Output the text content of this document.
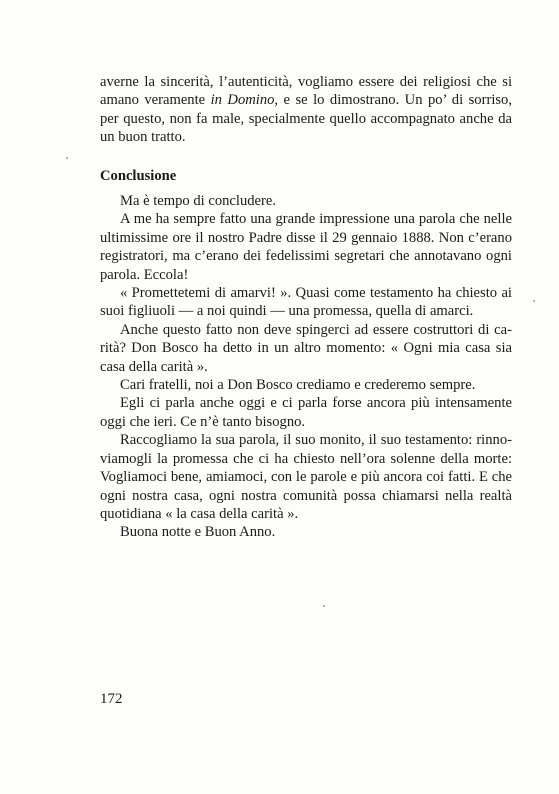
averne la sincerità, l’autenticità, vogliamo essere dei religiosi che si amano veramente in Domino, e se lo dimostrano. Un po’ di sorriso, per questo, non fa male, specialmente quello accompagnato anche da un buon tratto.

Conclusione

Ma è tempo di concludere.

A me ha sempre fatto una grande impressione una parola che nelle ultimissime ore il nostro Padre disse il 29 gennaio 1888. Non c’erano registratori, ma c’erano dei fedelissimi segretari che annotavano ogni parola. Eccola!

« Promettetemi di amarvi! ». Quasi come testamento ha chiesto ai suoi figliuoli — a noi quindi — una promessa, quella di amarci.

Anche questo fatto non deve spingerci ad essere costruttori di carità? Don Bosco ha detto in un altro momento: « Ogni mia casa sia casa della carità ».

Cari fratelli, noi a Don Bosco crediamo e crederemo sempre.

Egli ci parla anche oggi e ci parla forse ancora più intensamente oggi che ieri. Ce n’è tanto bisogno.

Raccogliamo la sua parola, il suo monito, il suo testamento: rinnoviamogli la promessa che ci ha chiesto nell’ora solenne della morte: Vogliamoci bene, amiamoci, con le parole e più ancora coi fatti. E che ogni nostra casa, ogni nostra comunità possa chiamarsi nella realtà quotidiana « la casa della carità ».

Buona notte e Buon Anno.

172
